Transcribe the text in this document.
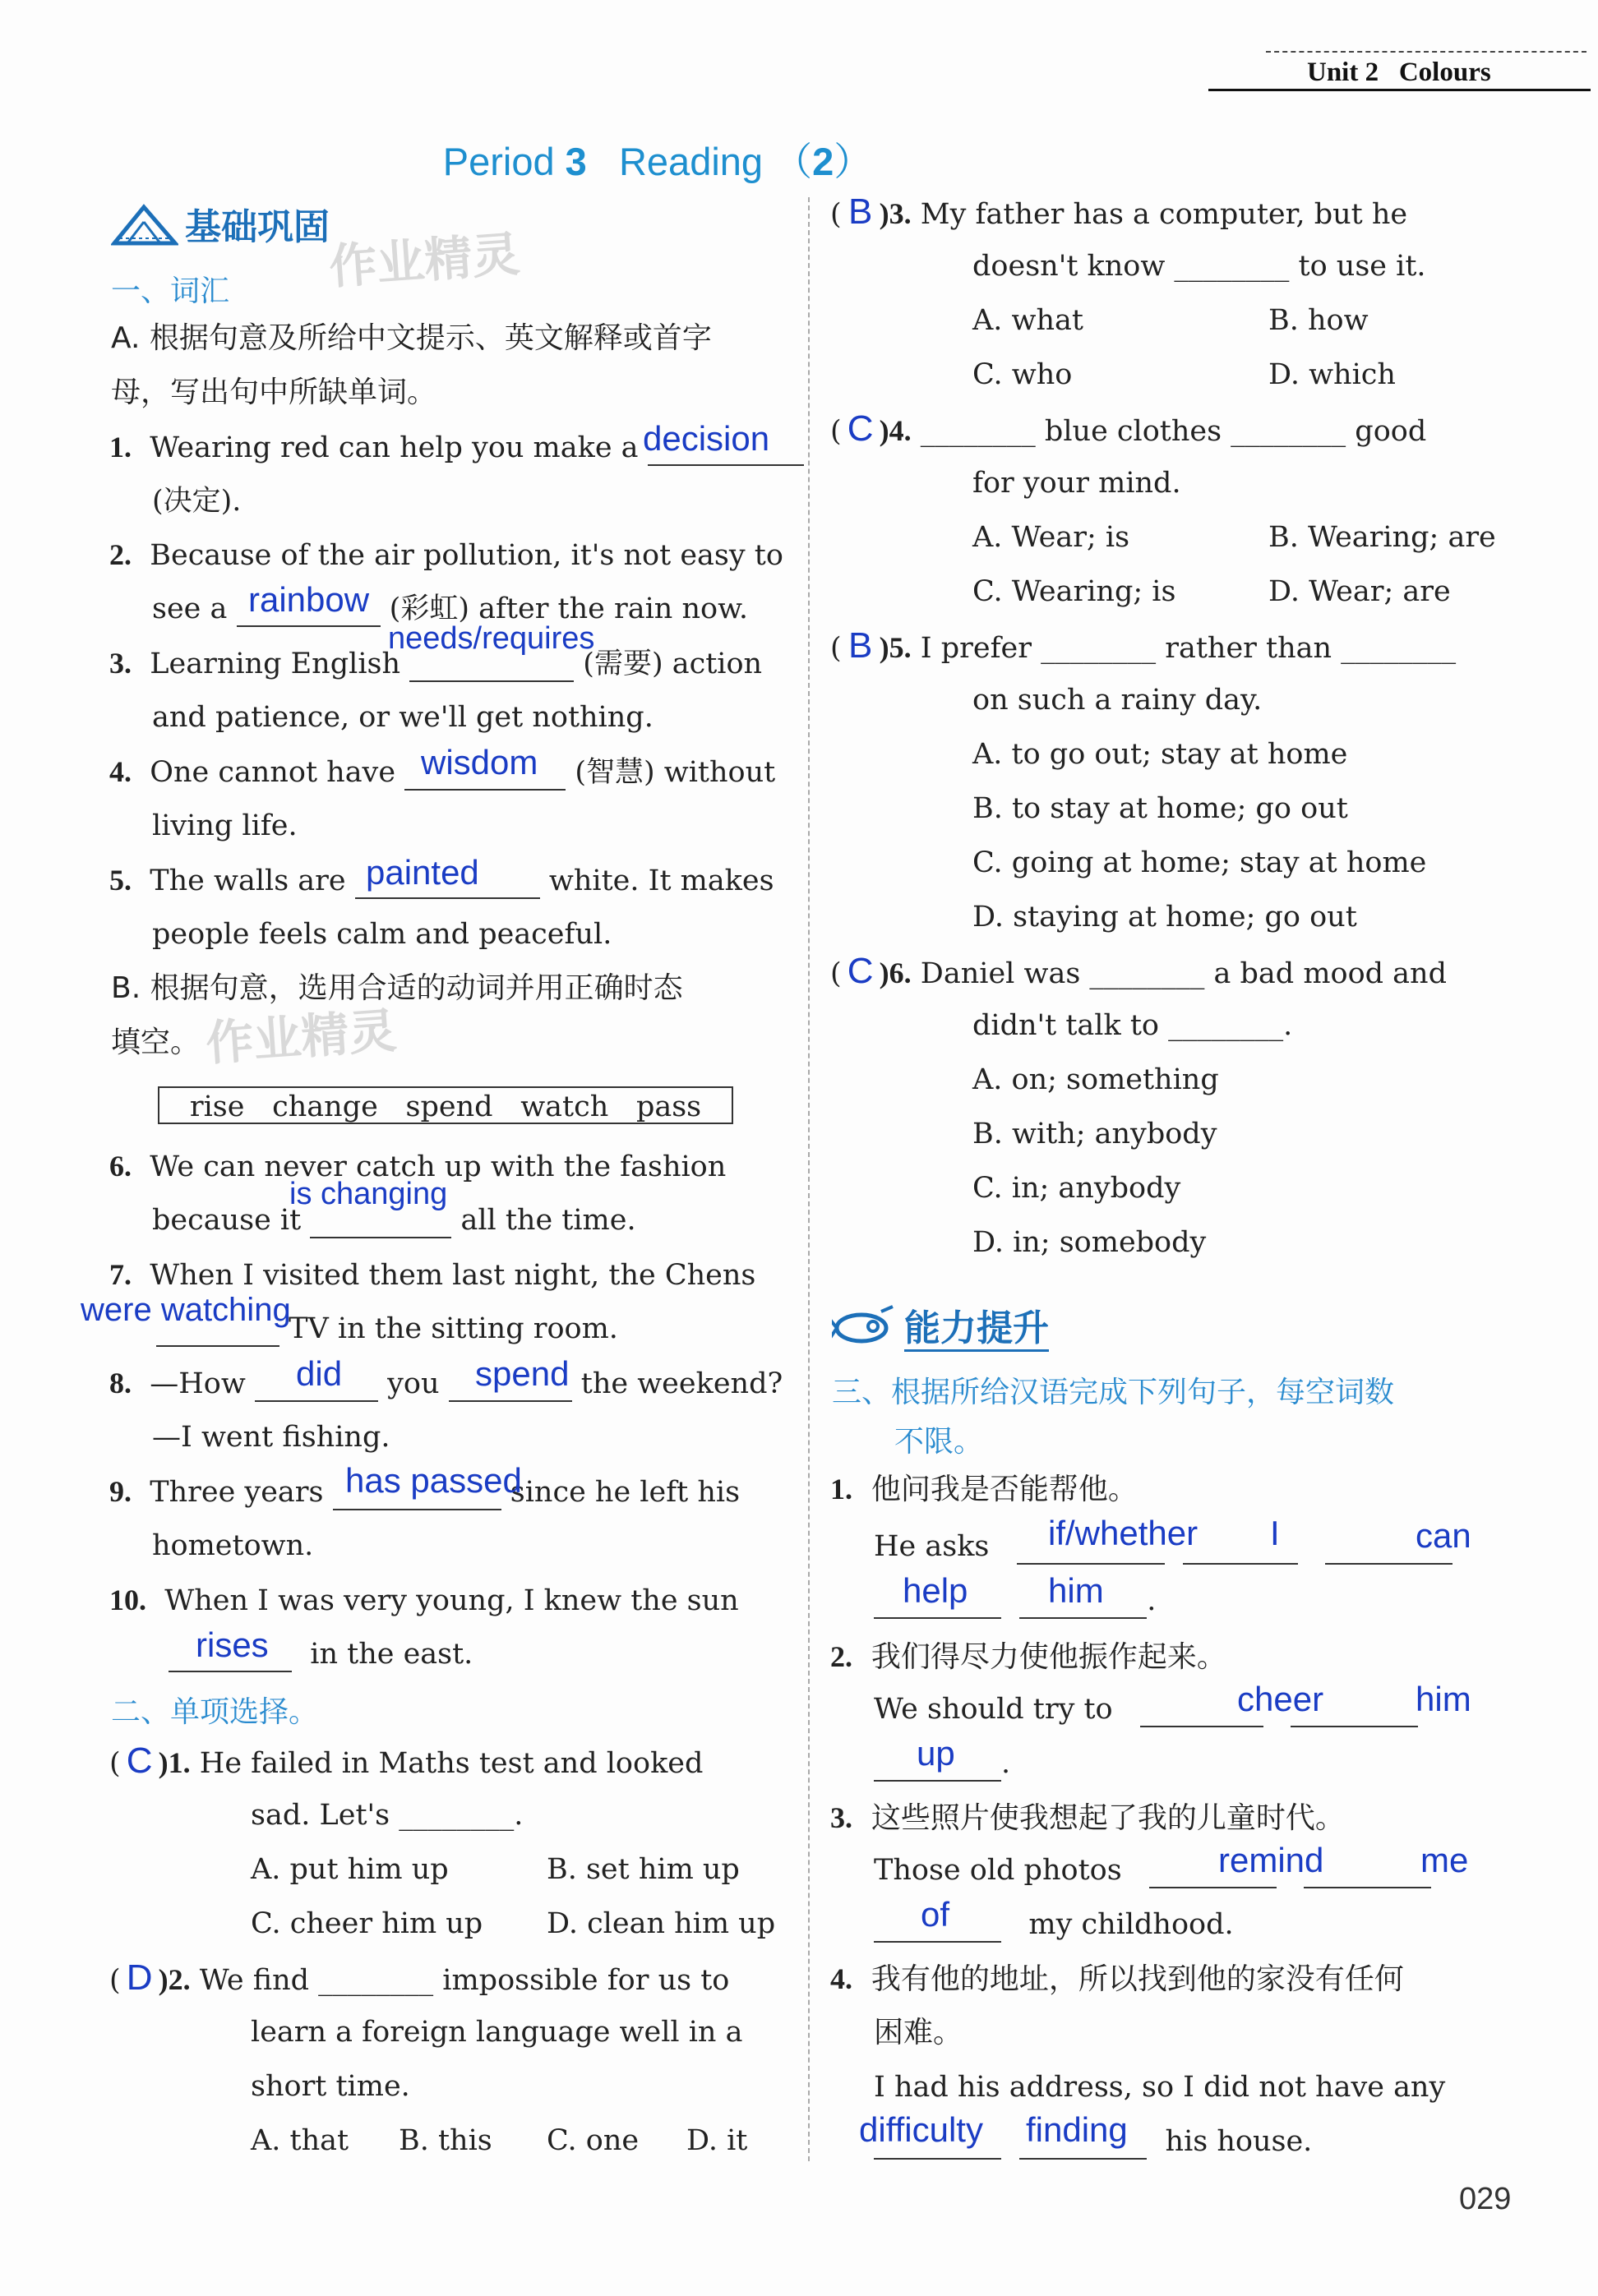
Unit 2   Colours
Period 3   Reading （2）
基础巩固
作业精灵
一、词汇
A. 根据句意及所给中文提示、英文解释或首字
母，写出句中所缺单词。
1. Wearing red can help you make a decision
(决定).
2. Because of the air pollution, it's not easy to
see a	(彩虹) after the rain now.
rainbow
3. Learning English	(需要) action
needs/requires
and patience, or we'll get nothing.
4. One cannot have	(智慧) without
wisdom
living life.
5. The walls are	white. It makes
painted
people feels calm and peaceful.
B. 根据句意，选用合适的动词并用正确时态
填空。 作业精灵
rise change spend watch pass
6. We can never catch up with the fashion
because it	all the time.
is changing
7. When I visited them last night, the Chens
TV in the sitting room.
were watching
8. —How	you	the weekend?
did	spend
—I went fishing.
9. Three years	since he left his
has passed
hometown.
10. When I was very young, I knew the sun
in the east.
rises
二、单项选择。
( C )1. He failed in Maths test and looked
sad. Let's ________.
A. put him up	B. set him up
C. cheer him up D. clean him up
( D )2. We find ________ impossible for us to
learn a foreign language well in a
short time.
A. that B. this C. one D. it
( B )3. My father has a computer, but he
doesn't know ________ to use it.
A. what	B. how
C. who	D. which
( C )4. ________ blue clothes ________ good
for your mind.
A. Wear; is	B. Wearing; are
C. Wearing; is	D. Wear; are
( B )5. I prefer ________ rather than ________
on such a rainy day.
A. to go out; stay at home
B. to stay at home; go out
C. going at home; stay at home
D. staying at home; go out
( C )6. Daniel was ________ a bad mood and
didn't talk to ________.
A. on; something
B. with; anybody
C. in; anybody
D. in; somebody
能力提升
三、根据所给汉语完成下列句子，每空词数
不限。
1. 他问我是否能帮他。
He asks	if/whether I	can
.
help him
2. 我们得尽力使他振作起来。
We should try to	cheer	him
.
up
3. 这些照片使我想起了我的儿童时代。
Those old photos	remind	me
my childhood.
of
4. 我有他的地址，所以找到他的家没有任何
困难。
I had his address, so I did not have any
his house.
difficulty finding
029
